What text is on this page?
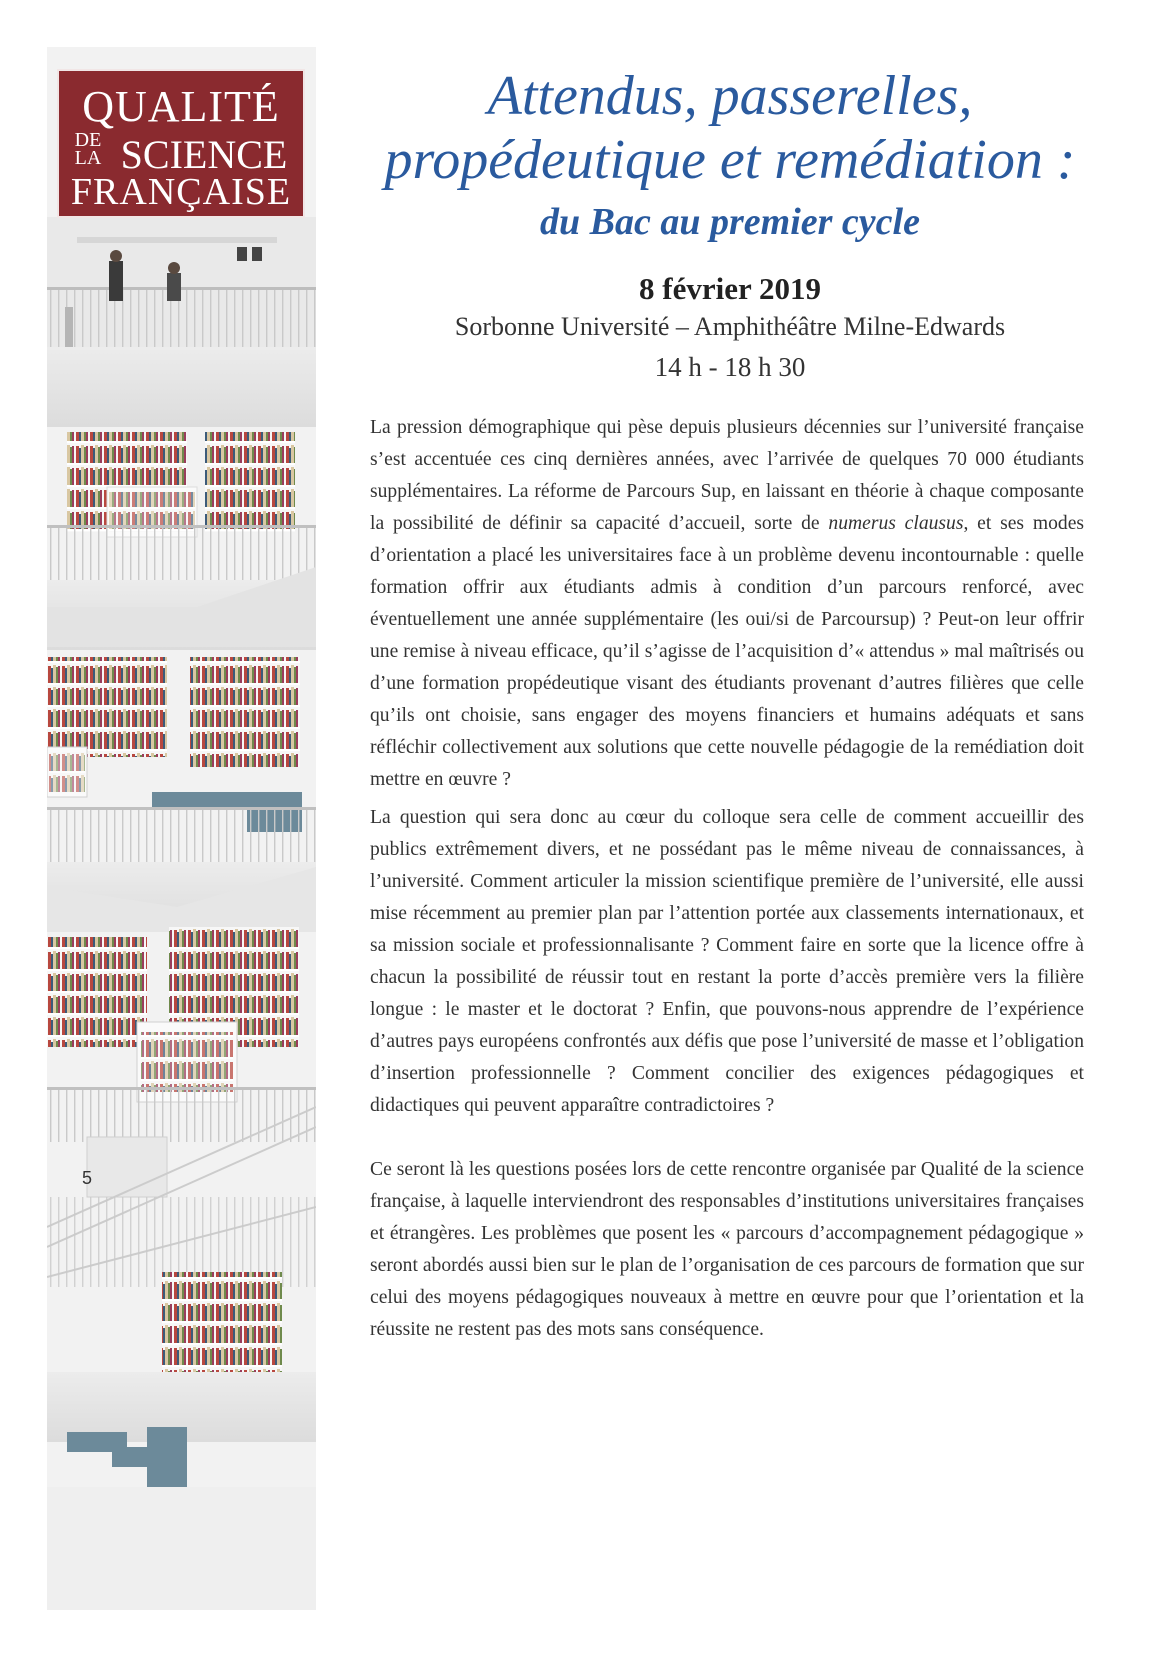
5
QUALITÉ
DE LA SCIENCE
FRANÇAISE
Attendus, passerelles,
propédeutique et remédiation :
du Bac au premier cycle
8 février 2019
Sorbonne Université – Amphithéâtre Milne-Edwards
14 h - 18 h 30

La pression démographique qui pèse depuis plusieurs décennies sur l’université française s’est accentuée ces cinq dernières années, avec l’arrivée de quelques 70 000 étudiants supplémentaires. La réforme de Parcours Sup, en laissant en théorie à chaque composante la possibilité de définir sa capacité d’accueil, sorte de numerus clausus, et ses modes d’orientation a placé les universitaires face à un problème devenu incontournable : quelle formation offrir aux étudiants admis à condition d’un parcours renforcé, avec éventuellement une année supplémentaire (les oui/si de Parcoursup) ? Peut-on leur offrir une remise à niveau efficace, qu’il s’agisse de l’acquisition d’« attendus » mal maîtrisés ou d’une formation propédeutique visant des étudiants provenant d’autres filières que celle qu’ils ont choisie, sans engager des moyens financiers et humains adéquats et sans réfléchir collectivement aux solutions que cette nouvelle pédagogie de la remédiation doit mettre en œuvre ?

La question qui sera donc au cœur du colloque sera celle de comment accueillir des publics extrêmement divers, et ne possédant pas le même niveau de connaissances, à l’université. Comment articuler la mission scientifique première de l’université, elle aussi mise récemment au premier plan par l’attention portée aux classements internationaux, et sa mission sociale et professionnalisante ? Comment faire en sorte que la licence offre à chacun la possibilité de réussir tout en restant la porte d’accès première vers la filière longue : le master et le doctorat ? Enfin, que pouvons-nous apprendre de l’expérience d’autres pays européens confrontés aux défis que pose l’université de masse et l’obligation d’insertion professionnelle ? Comment concilier des exigences pédagogiques et didactiques qui peuvent apparaître contradictoires ?

Ce seront là les questions posées lors de cette rencontre organisée par Qualité de la science française, à laquelle interviendront des responsables d’institutions universitaires françaises et étrangères. Les problèmes que posent les « parcours d’accompagnement pédagogique » seront abordés aussi bien sur le plan de l’organisation de ces parcours de formation que sur celui des moyens pédagogiques nouveaux à mettre en œuvre pour que l’orientation et la réussite ne restent pas des mots sans conséquence.
